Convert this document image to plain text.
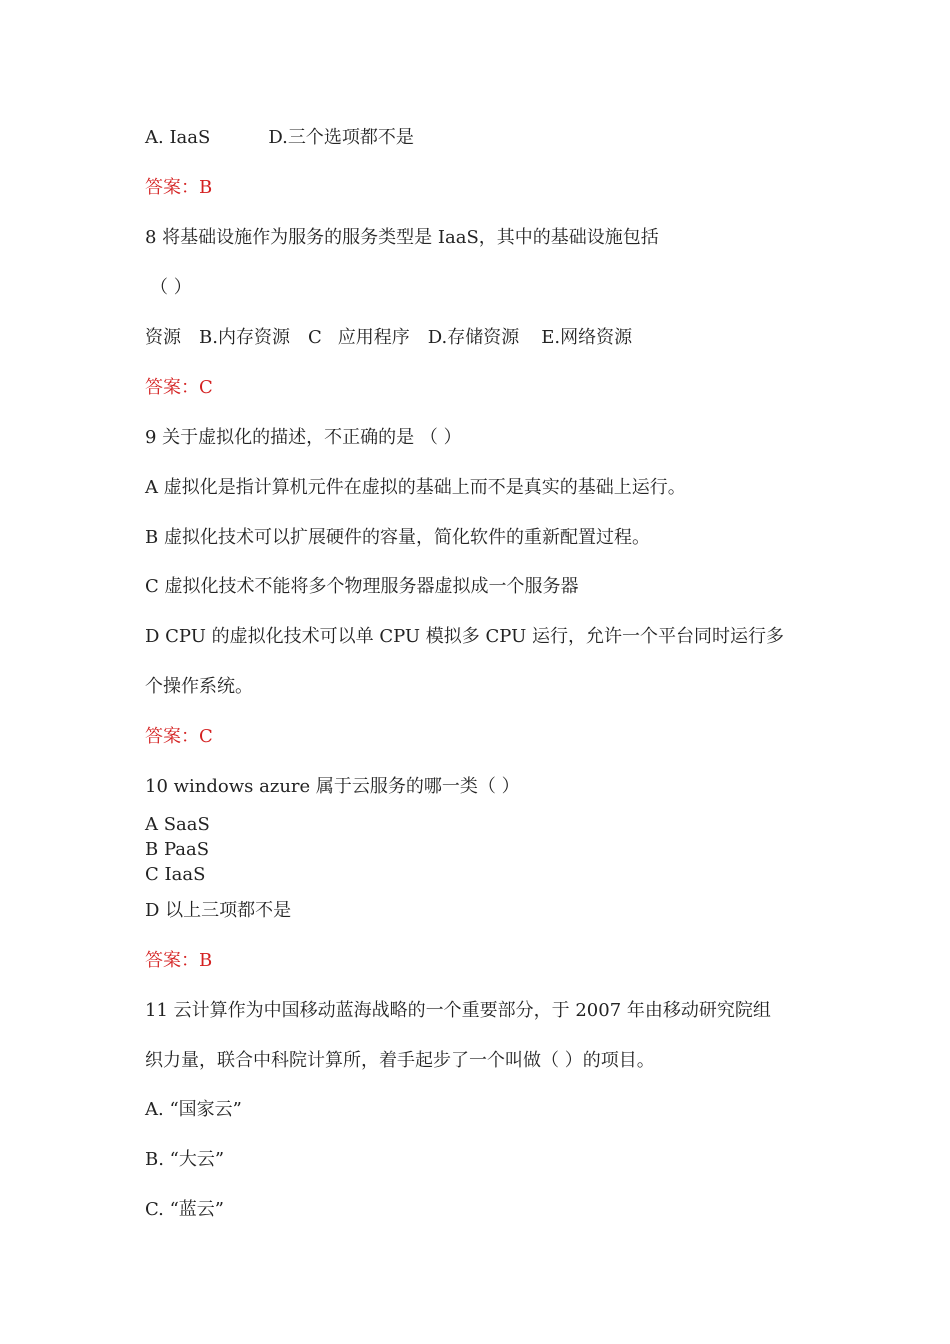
A. IaaS	D.三个选项都不是
答案：B
8 将基础设施作为服务的服务类型是 IaaS，其中的基础设施包括
（ ）
资源 B.内存资源 C 应用程序 D.存储资源 E.网络资源
答案：C
9 关于虚拟化的描述，不正确的是 （ ）
A 虚拟化是指计算机元件在虚拟的基础上而不是真实的基础上运行。
B 虚拟化技术可以扩展硬件的容量，简化软件的重新配置过程。
C 虚拟化技术不能将多个物理服务器虚拟成一个服务器
D CPU 的虚拟化技术可以单 CPU 模拟多 CPU 运行，允许一个平台同时运行多
个操作系统。
答案：C
10 windows azure 属于云服务的哪一类（ ）
A SaaS
B PaaS
C IaaS
D 以上三项都不是
答案：B
11 云计算作为中国移动蓝海战略的一个重要部分，于 2007 年由移动研究院组
织力量，联合中科院计算所，着手起步了一个叫做（ ）的项目。
A. “国家云”
B. “大云”
C. “蓝云”
